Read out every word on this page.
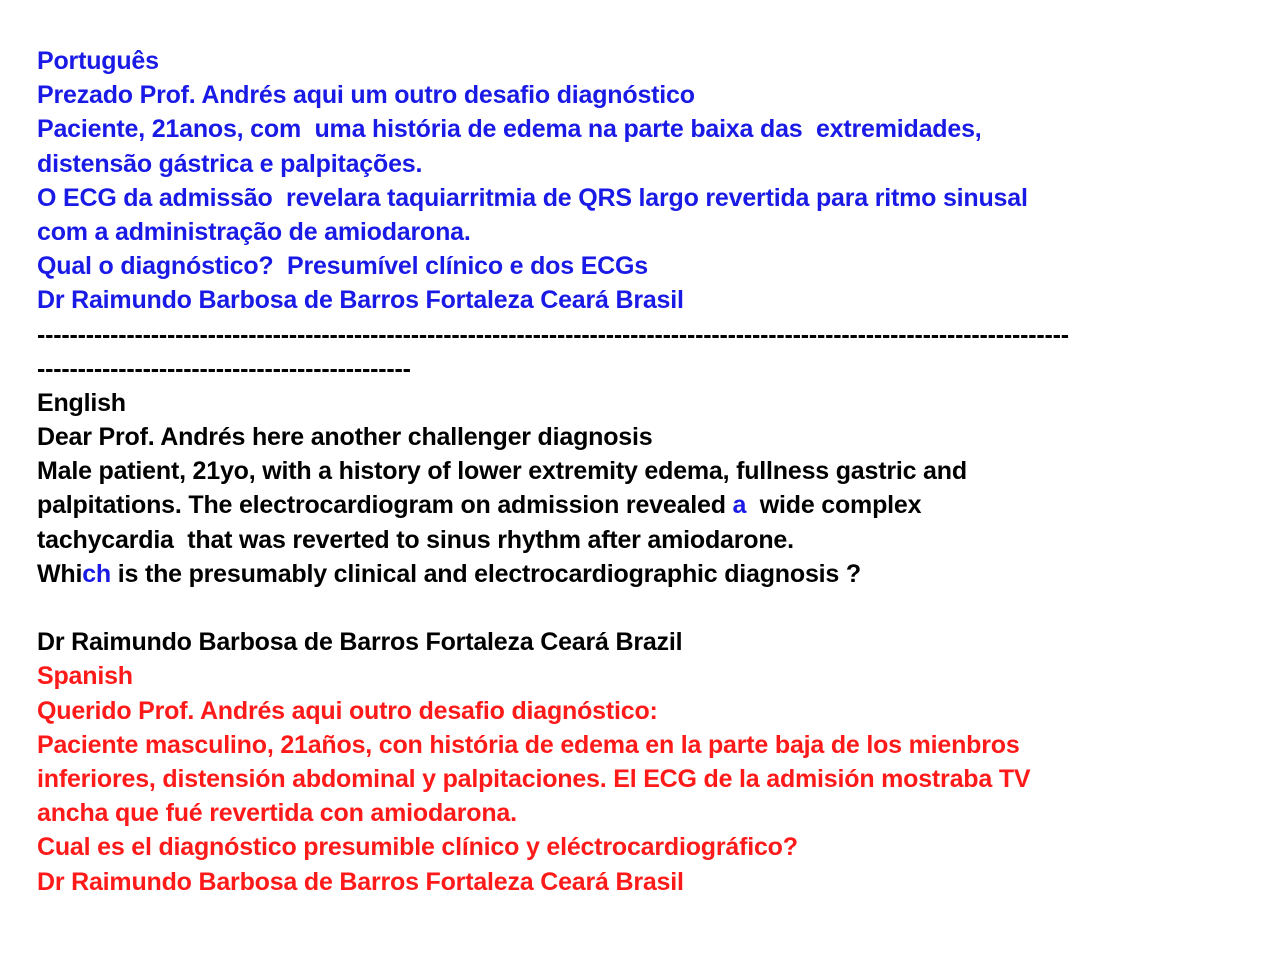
Português
Prezado Prof. Andrés aqui um outro desafio diagnóstico
Paciente, 21anos, com  uma história de edema na parte baixa das  extremidades,
distensão gástrica e palpitações.
O ECG da admissão  revelara taquiarritmia de QRS largo revertida para ritmo sinusal
com a administração de amiodarona.
Qual o diagnóstico?  Presumível clínico e dos ECGs
Dr Raimundo Barbosa de Barros Fortaleza Ceará Brasil
-------------------------------------------------------------------------------------------------------------------------------
----------------------------------------------
English
Dear Prof. Andrés here another challenger diagnosis
Male patient, 21yo, with a history of lower extremity edema, fullness gastric and
palpitations. The electrocardiogram on admission revealed a  wide complex
tachycardia  that was reverted to sinus rhythm after amiodarone.
Which is the presumably clinical and electrocardiographic diagnosis ?
Dr Raimundo Barbosa de Barros Fortaleza Ceará Brazil
Spanish
Querido Prof. Andrés aqui outro desafio diagnóstico:
Paciente masculino, 21años, con história de edema en la parte baja de los mienbros
inferiores, distensión abdominal y palpitaciones. El ECG de la admisión mostraba TV
ancha que fué revertida con amiodarona.
Cual es el diagnóstico presumible clínico y eléctrocardiográfico?
Dr Raimundo Barbosa de Barros Fortaleza Ceará Brasil
